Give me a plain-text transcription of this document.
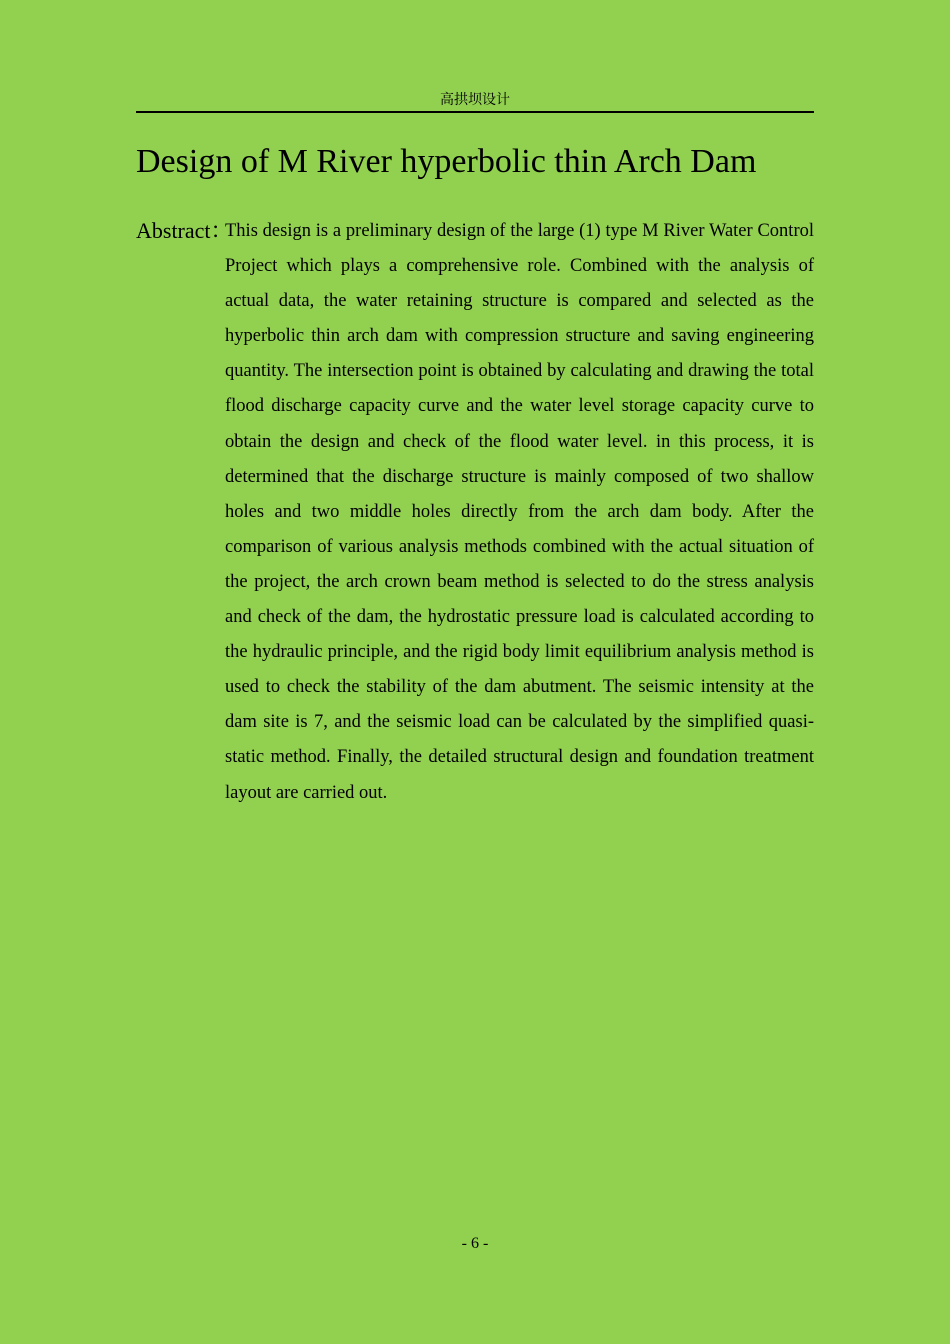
高拱坝设计
Design of M River hyperbolic thin Arch Dam
Abstract：

This design is a preliminary design of the large (1) type M River Water Control Project which plays a comprehensive role. Combined with the analysis of actual data, the water retaining structure is compared and selected as the hyperbolic thin arch dam with compression structure and saving engineering quantity. The intersection point is obtained by calculating and drawing the total flood discharge capacity curve and the water level storage capacity curve to obtain the design and check of the flood water level. in this process, it is determined that the discharge structure is mainly composed of two shallow holes and two middle holes directly from the arch dam body. After the comparison of various analysis methods combined with the actual situation of the project, the arch crown beam method is selected to do the stress analysis and check of the dam, the hydrostatic pressure load is calculated according to the hydraulic principle, and the rigid body limit equilibrium analysis method is used to check the stability of the dam abutment. The seismic intensity at the dam site is 7, and the seismic load can be calculated by the simplified quasi-static method. Finally, the detailed structural design and foundation treatment layout are carried out.

- 6 -
